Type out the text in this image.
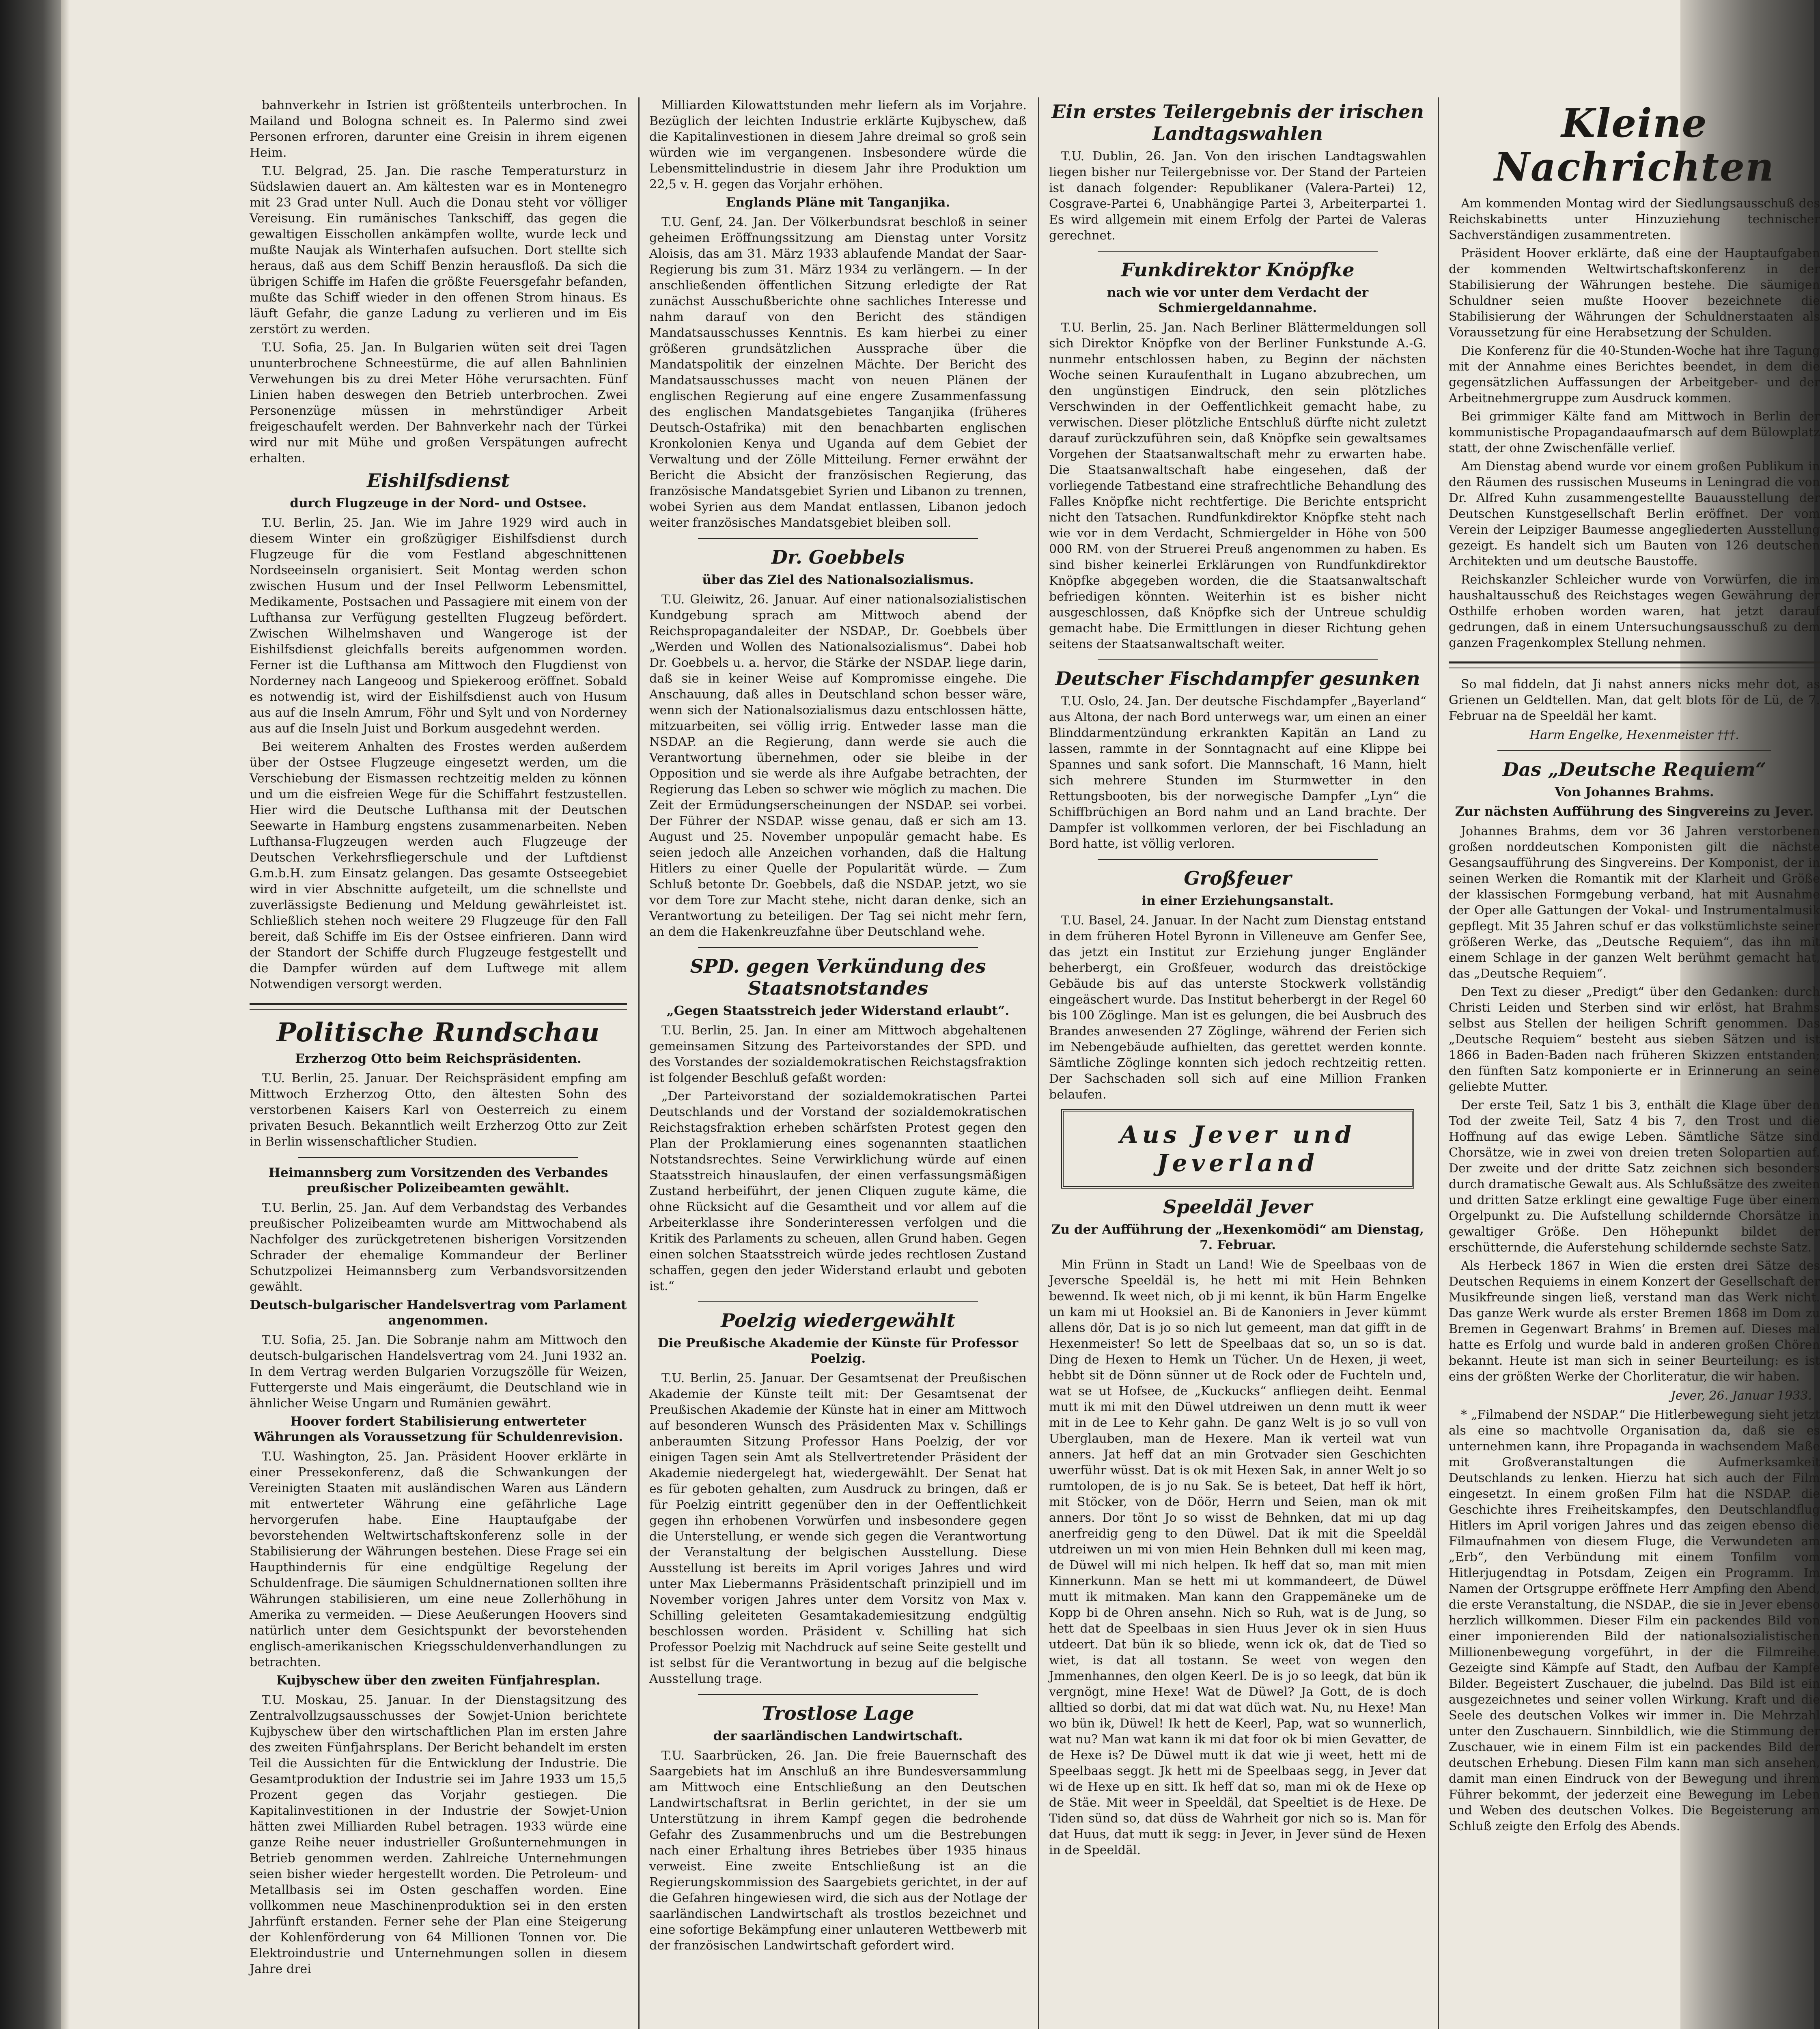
bahnverkehr in Istrien ist größtenteils unterbrochen. In Mailand und Bologna schneit es. In Palermo sind zwei Personen erfroren, darunter eine Greisin in ihrem eigenen Heim.

T.U. Belgrad, 25. Jan. Die rasche Temperatursturz in Südslawien dauert an. Am kältesten war es in Montenegro mit 23 Grad unter Null. Auch die Donau steht vor völliger Vereisung. Ein rumänisches Tankschiff, das gegen die gewaltigen Eisschollen ankämpfen wollte, wurde leck und mußte Naujak als Winterhafen aufsuchen. Dort stellte sich heraus, daß aus dem Schiff Benzin herausfloß. Da sich die übrigen Schiffe im Hafen die größte Feuersgefahr befanden, mußte das Schiff wieder in den offenen Strom hinaus. Es läuft Gefahr, die ganze Ladung zu verlieren und im Eis zerstört zu werden.

T.U. Sofia, 25. Jan. In Bulgarien wüten seit drei Tagen ununterbrochene Schneestürme, die auf allen Bahnlinien Verwehungen bis zu drei Meter Höhe verursachten. Fünf Linien haben deswegen den Betrieb unterbrochen. Zwei Personenzüge müssen in mehrstündiger Arbeit freigeschaufelt werden. Der Bahnverkehr nach der Türkei wird nur mit Mühe und großen Verspätungen aufrecht erhalten.

Eishilfsdienst
durch Flugzeuge in der Nord- und Ostsee.

T.U. Berlin, 25. Jan. Wie im Jahre 1929 wird auch in diesem Winter ein großzügiger Eishilfsdienst durch Flugzeuge für die vom Festland abgeschnittenen Nordseeinseln organisiert. Seit Montag werden schon zwischen Husum und der Insel Pellworm Lebensmittel, Medikamente, Postsachen und Passagiere mit einem von der Lufthansa zur Verfügung gestellten Flugzeug befördert. Zwischen Wilhelmshaven und Wangeroge ist der Eishilfsdienst gleichfalls bereits aufgenommen worden. Ferner ist die Lufthansa am Mittwoch den Flugdienst von Norderney nach Langeoog und Spiekeroog eröffnet. Sobald es notwendig ist, wird der Eishilfsdienst auch von Husum aus auf die Inseln Amrum, Föhr und Sylt und von Norderney aus auf die Inseln Juist und Borkum ausgedehnt werden.

Bei weiterem Anhalten des Frostes werden außerdem über der Ostsee Flugzeuge eingesetzt werden, um die Verschiebung der Eismassen rechtzeitig melden zu können und um die eisfreien Wege für die Schiffahrt festzustellen. Hier wird die Deutsche Lufthansa mit der Deutschen Seewarte in Hamburg engstens zusammenarbeiten. Neben Lufthansa-Flugzeugen werden auch Flugzeuge der Deutschen Verkehrsfliegerschule und der Luftdienst G.m.b.H. zum Einsatz gelangen. Das gesamte Ostseegebiet wird in vier Abschnitte aufgeteilt, um die schnellste und zuverlässigste Bedienung und Meldung gewährleistet ist. Schließlich stehen noch weitere 29 Flugzeuge für den Fall bereit, daß Schiffe im Eis der Ostsee einfrieren. Dann wird der Standort der Schiffe durch Flugzeuge festgestellt und die Dampfer würden auf dem Luftwege mit allem Notwendigen versorgt werden.

Politische Rundschau
Erzherzog Otto beim Reichspräsidenten.

T.U. Berlin, 25. Januar. Der Reichspräsident empfing am Mittwoch Erzherzog Otto, den ältesten Sohn des verstorbenen Kaisers Karl von Oesterreich zu einem privaten Besuch. Bekanntlich weilt Erzherzog Otto zur Zeit in Berlin wissenschaftlicher Studien.

Heimannsberg zum Vorsitzenden des Verbandes preußischer Polizeibeamten gewählt.

T.U. Berlin, 25. Jan. Auf dem Verbandstag des Verbandes preußischer Polizeibeamten wurde am Mittwochabend als Nachfolger des zurückgetretenen bisherigen Vorsitzenden Schrader der ehemalige Kommandeur der Berliner Schutzpolizei Heimannsberg zum Verbandsvorsitzenden gewählt.

Deutsch-bulgarischer Handelsvertrag vom Parlament angenommen.

T.U. Sofia, 25. Jan. Die Sobranje nahm am Mittwoch den deutsch-bulgarischen Handelsvertrag vom 24. Juni 1932 an. In dem Vertrag werden Bulgarien Vorzugszölle für Weizen, Futtergerste und Mais eingeräumt, die Deutschland wie in ähnlicher Weise Ungarn und Rumänien gewährt.

Hoover fordert Stabilisierung entwerteter Währungen als Voraussetzung für Schuldenrevision.

T.U. Washington, 25. Jan. Präsident Hoover erklärte in einer Pressekonferenz, daß die Schwankungen der Vereinigten Staaten mit ausländischen Waren aus Ländern mit entwerteter Währung eine gefährliche Lage hervorgerufen habe. Eine Hauptaufgabe der bevorstehenden Weltwirtschaftskonferenz solle in der Stabilisierung der Währungen bestehen. Diese Frage sei ein Haupthindernis für eine endgültige Regelung der Schuldenfrage. Die säumigen Schuldnernationen sollten ihre Währungen stabilisieren, um eine neue Zollerhöhung in Amerika zu vermeiden. — Diese Aeußerungen Hoovers sind natürlich unter dem Gesichtspunkt der bevorstehenden englisch-amerikanischen Kriegsschuldenverhandlungen zu betrachten.

Kujbyschew über den zweiten Fünfjahresplan.

T.U. Moskau, 25. Januar. In der Dienstagsitzung des Zentralvollzugsausschusses der Sowjet-Union berichtete Kujbyschew über den wirtschaftlichen Plan im ersten Jahre des zweiten Fünfjahrsplans. Der Bericht behandelt im ersten Teil die Aussichten für die Entwicklung der Industrie. Die Gesamtproduktion der Industrie sei im Jahre 1933 um 15,5 Prozent gegen das Vorjahr gestiegen. Die Kapitalinvestitionen in der Industrie der Sowjet-Union hätten zwei Milliarden Rubel betragen. 1933 würde eine ganze Reihe neuer industrieller Großunternehmungen in Betrieb genommen werden. Zahlreiche Unternehmungen seien bisher wieder hergestellt worden. Die Petroleum- und Metallbasis sei im Osten geschaffen worden. Eine vollkommen neue Maschinenproduktion sei in den ersten Jahrfünft erstanden. Ferner sehe der Plan eine Steigerung der Kohlenförderung von 64 Millionen Tonnen vor. Die Elektroindustrie und Unternehmungen sollen in diesem Jahre drei

Milliarden Kilowattstunden mehr liefern als im Vorjahre. Bezüglich der leichten Industrie erklärte Kujbyschew, daß die Kapitalinvestionen in diesem Jahre dreimal so groß sein würden wie im vergangenen. Insbesondere würde die Lebensmittelindustrie in diesem Jahr ihre Produktion um 22,5 v. H. gegen das Vorjahr erhöhen.

Englands Pläne mit Tanganjika.

T.U. Genf, 24. Jan. Der Völkerbundsrat beschloß in seiner geheimen Eröffnungssitzung am Dienstag unter Vorsitz Aloisis, das am 31. März 1933 ablaufende Mandat der Saar-Regierung bis zum 31. März 1934 zu verlängern. — In der anschließenden öffentlichen Sitzung erledigte der Rat zunächst Ausschußberichte ohne sachliches Interesse und nahm darauf von den Bericht des ständigen Mandatsausschusses Kenntnis. Es kam hierbei zu einer größeren grundsätzlichen Aussprache über die Mandatspolitik der einzelnen Mächte. Der Bericht des Mandatsausschusses macht von neuen Plänen der englischen Regierung auf eine engere Zusammenfassung des englischen Mandatsgebietes Tanganjika (früheres Deutsch-Ostafrika) mit den benachbarten englischen Kronkolonien Kenya und Uganda auf dem Gebiet der Verwaltung und der Zölle Mitteilung. Ferner erwähnt der Bericht die Absicht der französischen Regierung, das französische Mandatsgebiet Syrien und Libanon zu trennen, wobei Syrien aus dem Mandat entlassen, Libanon jedoch weiter französisches Mandatsgebiet bleiben soll.

Dr. Goebbels
über das Ziel des Nationalsozialismus.

T.U. Gleiwitz, 26. Januar. Auf einer nationalsozialistischen Kundgebung sprach am Mittwoch abend der Reichspropagandaleiter der NSDAP., Dr. Goebbels über „Werden und Wollen des Nationalsozialismus“. Dabei hob Dr. Goebbels u. a. hervor, die Stärke der NSDAP. liege darin, daß sie in keiner Weise auf Kompromisse eingehe. Die Anschauung, daß alles in Deutschland schon besser wäre, wenn sich der Nationalsozialismus dazu entschlossen hätte, mitzuarbeiten, sei völlig irrig. Entweder lasse man die NSDAP. an die Regierung, dann werde sie auch die Verantwortung übernehmen, oder sie bleibe in der Opposition und sie werde als ihre Aufgabe betrachten, der Regierung das Leben so schwer wie möglich zu machen. Die Zeit der Ermüdungserscheinungen der NSDAP. sei vorbei. Der Führer der NSDAP. wisse genau, daß er sich am 13. August und 25. November unpopulär gemacht habe. Es seien jedoch alle Anzeichen vorhanden, daß die Haltung Hitlers zu einer Quelle der Popularität würde. — Zum Schluß betonte Dr. Goebbels, daß die NSDAP. jetzt, wo sie vor dem Tore zur Macht stehe, nicht daran denke, sich an Verantwortung zu beteiligen. Der Tag sei nicht mehr fern, an dem die Hakenkreuzfahne über Deutschland wehe.

SPD. gegen Verkündung des Staatsnotstandes
„Gegen Staatsstreich jeder Widerstand erlaubt“.

T.U. Berlin, 25. Jan. In einer am Mittwoch abgehaltenen gemeinsamen Sitzung des Parteivorstandes der SPD. und des Vorstandes der sozialdemokratischen Reichstagsfraktion ist folgender Beschluß gefaßt worden:

„Der Parteivorstand der sozialdemokratischen Partei Deutschlands und der Vorstand der sozialdemokratischen Reichstagsfraktion erheben schärfsten Protest gegen den Plan der Proklamierung eines sogenannten staatlichen Notstandsrechtes. Seine Verwirklichung würde auf einen Staatsstreich hinauslaufen, der einen verfassungsmäßigen Zustand herbeiführt, der jenen Cliquen zugute käme, die ohne Rücksicht auf die Gesamtheit und vor allem auf die Arbeiterklasse ihre Sonderinteressen verfolgen und die Kritik des Parlaments zu scheuen, allen Grund haben. Gegen einen solchen Staatsstreich würde jedes rechtlosen Zustand schaffen, gegen den jeder Widerstand erlaubt und geboten ist.“

Poelzig wiedergewählt
Die Preußische Akademie der Künste für Professor Poelzig.

T.U. Berlin, 25. Januar. Der Gesamtsenat der Preußischen Akademie der Künste teilt mit: Der Gesamtsenat der Preußischen Akademie der Künste hat in einer am Mittwoch auf besonderen Wunsch des Präsidenten Max v. Schillings anberaumten Sitzung Professor Hans Poelzig, der vor einigen Tagen sein Amt als Stellvertretender Präsident der Akademie niedergelegt hat, wiedergewählt. Der Senat hat es für geboten gehalten, zum Ausdruck zu bringen, daß er für Poelzig eintritt gegenüber den in der Oeffentlichkeit gegen ihn erhobenen Vorwürfen und insbesondere gegen die Unterstellung, er wende sich gegen die Verantwortung der Veranstaltung der belgischen Ausstellung. Diese Ausstellung ist bereits im April voriges Jahres und wird unter Max Liebermanns Präsidentschaft prinzipiell und im November vorigen Jahres unter dem Vorsitz von Max v. Schilling geleiteten Gesamtakademiesitzung endgültig beschlossen worden. Präsident v. Schilling hat sich Professor Poelzig mit Nachdruck auf seine Seite gestellt und ist selbst für die Verantwortung in bezug auf die belgische Ausstellung trage.

Trostlose Lage
der saarländischen Landwirtschaft.

T.U. Saarbrücken, 26. Jan. Die freie Bauernschaft des Saargebiets hat im Anschluß an ihre Bundesversammlung am Mittwoch eine Entschließung an den Deutschen Landwirtschaftsrat in Berlin gerichtet, in der sie um Unterstützung in ihrem Kampf gegen die bedrohende Gefahr des Zusammenbruchs und um die Bestrebungen nach einer Erhaltung ihres Betriebes über 1935 hinaus verweist. Eine zweite Entschließung ist an die Regierungskommission des Saargebiets gerichtet, in der auf die Gefahren hingewiesen wird, die sich aus der Notlage der saarländischen Landwirtschaft als trostlos bezeichnet und eine sofortige Bekämpfung einer unlauteren Wettbewerb mit der französischen Landwirtschaft gefordert wird.

Ein erstes Teilergebnis der irischen Landtagswahlen

T.U. Dublin, 26. Jan. Von den irischen Landtagswahlen liegen bisher nur Teilergebnisse vor. Der Stand der Parteien ist danach folgender: Republikaner (Valera-Partei) 12, Cosgrave-Partei 6, Unabhängige Partei 3, Arbeiterpartei 1. Es wird allgemein mit einem Erfolg der Partei de Valeras gerechnet.

Funkdirektor Knöpfke
nach wie vor unter dem Verdacht der Schmiergeldannahme.

T.U. Berlin, 25. Jan. Nach Berliner Blättermeldungen soll sich Direktor Knöpfke von der Berliner Funkstunde A.-G. nunmehr entschlossen haben, zu Beginn der nächsten Woche seinen Kuraufenthalt in Lugano abzubrechen, um den ungünstigen Eindruck, den sein plötzliches Verschwinden in der Oeffentlichkeit gemacht habe, zu verwischen. Dieser plötzliche Entschluß dürfte nicht zuletzt darauf zurückzuführen sein, daß Knöpfke sein gewaltsames Vorgehen der Staatsanwaltschaft mehr zu erwarten habe. Die Staatsanwaltschaft habe eingesehen, daß der vorliegende Tatbestand eine strafrechtliche Behandlung des Falles Knöpfke nicht rechtfertige. Die Berichte entspricht nicht den Tatsachen. Rundfunkdirektor Knöpfke steht nach wie vor in dem Verdacht, Schmiergelder in Höhe von 500 000 RM. von der Struerei Preuß angenommen zu haben. Es sind bisher keinerlei Erklärungen von Rundfunkdirektor Knöpfke abgegeben worden, die die Staatsanwaltschaft befriedigen könnten. Weiterhin ist es bisher nicht ausgeschlossen, daß Knöpfke sich der Untreue schuldig gemacht habe. Die Ermittlungen in dieser Richtung gehen seitens der Staatsanwaltschaft weiter.

Deutscher Fischdampfer gesunken

T.U. Oslo, 24. Jan. Der deutsche Fischdampfer „Bayerland“ aus Altona, der nach Bord unterwegs war, um einen an einer Blinddarmentzündung erkrankten Kapitän an Land zu lassen, rammte in der Sonntagnacht auf eine Klippe bei Spannes und sank sofort. Die Mannschaft, 16 Mann, hielt sich mehrere Stunden im Sturmwetter in den Rettungsbooten, bis der norwegische Dampfer „Lyn“ die Schiffbrüchigen an Bord nahm und an Land brachte. Der Dampfer ist vollkommen verloren, der bei Fischladung an Bord hatte, ist völlig verloren.

Großfeuer
in einer Erziehungsanstalt.

T.U. Basel, 24. Januar. In der Nacht zum Dienstag entstand in dem früheren Hotel Byronn in Villeneuve am Genfer See, das jetzt ein Institut zur Erziehung junger Engländer beherbergt, ein Großfeuer, wodurch das dreistöckige Gebäude bis auf das unterste Stockwerk vollständig eingeäschert wurde. Das Institut beherbergt in der Regel 60 bis 100 Zöglinge. Man ist es gelungen, die bei Ausbruch des Brandes anwesenden 27 Zöglinge, während der Ferien sich im Nebengebäude aufhielten, das gerettet werden konnte. Sämtliche Zöglinge konnten sich jedoch rechtzeitig retten. Der Sachschaden soll sich auf eine Million Franken belaufen.

Aus Jever und Jeverland
Speeldäl Jever
Zu der Aufführung der „Hexenkomödi“ am Dienstag, 7. Februar.

Min Frünn in Stadt un Land! Wie de Speelbaas von de Jeversche Speeldäl is, he hett mi mit Hein Behnken bewennd. Ik weet nich, ob ji mi kennt, ik bün Harm Engelke un kam mi ut Hooksiel an. Bi de Kanoniers in Jever kümmt allens dör, Dat is jo so nich lut gemeent, man dat gifft in de Hexenmeister! So lett de Speelbaas dat so, un so is dat. Ding de Hexen to Hemk un Tücher. Un de Hexen, ji weet, hebbt sit de Dönn sünner ut de Rock oder de Fuchteln und, wat se ut Hofsee, de „Kuckucks“ anfliegen deiht. Eenmal mutt ik mi mit den Düwel utdreiwen un denn mutt ik weer mit in de Lee to Kehr gahn. De ganz Welt is jo so vull von Uberglauben, man de Hexere. Man ik verteil wat vun anners. Jat heff dat an min Grotvader sien Geschichten uwerführ wüsst. Dat is ok mit Hexen Sak, in anner Welt jo so rumtolopen, de is jo nu Sak. Se is beteet, Dat heff ik hört, mit Stöcker, von de Döör, Herrn und Seien, man ok mit anners. Dor tönt Jo so wisst de Behnken, dat mi up dag anerfreidig geng to den Düwel. Dat ik mit die Speeldäl utdreiwen un mi von mien Hein Behnken dull mi keen mag, de Düwel will mi nich helpen. Ik heff dat so, man mit mien Kinnerkunn. Man se hett mi ut kommandeert, de Düwel mutt ik mitmaken. Man kann den Grappemäneke um de Kopp bi de Ohren ansehn. Nich so Ruh, wat is de Jung, so hett dat de Speelbaas in sien Huus Jever ok in sien Huus utdeert. Dat bün ik so bliede, wenn ick ok, dat de Tied so wiet, is dat all tostann. Se weet von wegen den Jmmenhannes, den olgen Keerl. De is jo so leegk, dat bün ik vergnögt, mine Hexe! Wat de Düwel? Ja Gott, de is doch alltied so dorbi, dat mi dat wat düch wat. Nu, nu Hexe! Man wo bün ik, Düwel! Ik hett de Keerl, Pap, wat so wunnerlich, wat nu? Man wat kann ik mi dat foor ok bi mien Gevatter, de de Hexe is? De Düwel mutt ik dat wie ji weet, hett mi de Speelbaas seggt. Jk hett mi de Speelbaas segg, in Jever dat wi de Hexe up en sitt. Ik heff dat so, man mi ok de Hexe op de Stäe. Mit weer in Speeldäl, dat Speeltiet is de Hexe. De Tiden sünd so, dat düss de Wahrheit gor nich so is. Man för dat Huus, dat mutt ik segg: in Jever, in Jever sünd de Hexen in de Speeldäl.

Kleine Nachrichten

Am kommenden Montag wird der Siedlungsausschuß des Reichskabinetts unter Hinzuziehung technischer Sachverständigen zusammentreten.

Präsident Hoover erklärte, daß eine der Hauptaufgaben der kommenden Weltwirtschaftskonferenz in der Stabilisierung der Währungen bestehe. Die säumigen Schuldner seien mußte Hoover bezeichnete die Stabilisierung der Währungen der Schuldnerstaaten als Voraussetzung für eine Herabsetzung der Schulden.

Die Konferenz für die 40-Stunden-Woche hat ihre Tagung mit der Annahme eines Berichtes beendet, in dem die gegensätzlichen Auffassungen der Arbeitgeber- und der Arbeitnehmergruppe zum Ausdruck kommen.

Bei grimmiger Kälte fand am Mittwoch in Berlin der kommunistische Propagandaaufmarsch auf dem Bülowplatz statt, der ohne Zwischenfälle verlief.

Am Dienstag abend wurde vor einem großen Publikum in den Räumen des russischen Museums in Leningrad die von Dr. Alfred Kuhn zusammengestellte Bauausstellung der Deutschen Kunstgesellschaft Berlin eröffnet. Der vom Verein der Leipziger Baumesse angegliederten Ausstellung gezeigt. Es handelt sich um Bauten von 126 deutschen Architekten und um deutsche Baustoffe.

Reichskanzler Schleicher wurde von Vorwürfen, die im haushaltausschuß des Reichstages wegen Gewährung der Osthilfe erhoben worden waren, hat jetzt darauf gedrungen, daß in einem Untersuchungsausschuß zu dem ganzen Fragenkomplex Stellung nehmen.

So mal fiddeln, dat Ji nahst anners nicks mehr dot, as Grienen un Geldtellen. Man, dat gelt blots för de Lü, de 7. Februar na de Speeldäl her kamt.

Harm Engelke, Hexenmeister †††.
Das „Deutsche Requiem“
Von Johannes Brahms.
Zur nächsten Aufführung des Singvereins zu Jever.

Johannes Brahms, dem vor 36 Jahren verstorbenen großen norddeutschen Komponisten gilt die nächste Gesangsaufführung des Singvereins. Der Komponist, der in seinen Werken die Romantik mit der Klarheit und Größe der klassischen Formgebung verband, hat mit Ausnahme der Oper alle Gattungen der Vokal- und Instrumentalmusik gepflegt. Mit 35 Jahren schuf er das volkstümlichste seiner größeren Werke, das „Deutsche Requiem“, das ihn mit einem Schlage in der ganzen Welt berühmt gemacht hat, das „Deutsche Requiem“.

Den Text zu dieser „Predigt“ über den Gedanken: durch Christi Leiden und Sterben sind wir erlöst, hat Brahms selbst aus Stellen der heiligen Schrift genommen. Das „Deutsche Requiem“ besteht aus sieben Sätzen und ist 1866 in Baden-Baden nach früheren Skizzen entstanden; den fünften Satz komponierte er in Erinnerung an seine geliebte Mutter.

Der erste Teil, Satz 1 bis 3, enthält die Klage über den Tod der zweite Teil, Satz 4 bis 7, den Trost und die Hoffnung auf das ewige Leben. Sämtliche Sätze sind Chorsätze, wie in zwei von dreien treten Solopartien auf. Der zweite und der dritte Satz zeichnen sich besonders durch dramatische Gewalt aus. Als Schlußsätze des zweiten und dritten Satze erklingt eine gewaltige Fuge über einem Orgelpunkt zu. Die Aufstellung schildernde Chorsätze in gewaltiger Größe. Den Höhepunkt bildet der erschütternde, die Auferstehung schildernde sechste Satz.

Als Herbeck 1867 in Wien die ersten drei Sätze des Deutschen Requiems in einem Konzert der Gesellschaft der Musikfreunde singen ließ, verstand man das Werk nicht. Das ganze Werk wurde als erster Bremen 1868 im Dom zu Bremen in Gegenwart Brahms’ in Bremen auf. Dieses mal hatte es Erfolg und wurde bald in anderen großen Chören bekannt. Heute ist man sich in seiner Beurteilung: es ist eins der größten Werke der Chorliteratur, die wir haben.

Jever, 26. Januar 1933.

* „Filmabend der NSDAP.“ Die Hitlerbewegung sieht jetzt als eine so machtvolle Organisation da, daß sie es unternehmen kann, ihre Propaganda in wachsendem Maße mit Großveranstaltungen die Aufmerksamkeit Deutschlands zu lenken. Hierzu hat sich auch der Film eingesetzt. In einem großen Film hat die NSDAP. die Geschichte ihres Freiheitskampfes, den Deutschlandflug Hitlers im April vorigen Jahres und das zeigen ebenso die Filmaufnahmen von diesem Fluge, die Verwundeten am „Erb“, den Verbündung mit einem Tonfilm vom Hitlerjugendtag in Potsdam, Zeigen ein Programm. Im Namen der Ortsgruppe eröffnete Herr Ampfing den Abend, die erste Veranstaltung, die NSDAP., die sie in Jever ebenso herzlich willkommen. Dieser Film ein packendes Bild von einer imponierenden Bild der nationalsozialistischen Millionenbewegung vorgeführt, in der die Filmreihe. Gezeigte sind Kämpfe auf Stadt, den Aufbau der Kampfe Bilder. Begeistert Zuschauer, die jubelnd. Das Bild ist ein ausgezeichnetes und seiner vollen Wirkung. Kraft und die Seele des deutschen Volkes wir immer in. Die Mehrzahl unter den Zuschauern. Sinnbildlich, wie die Stimmung der Zuschauer, wie in einem Film ist ein packendes Bild der deutschen Erhebung. Diesen Film kann man sich ansehen, damit man einen Eindruck von der Bewegung und ihrem Führer bekommt, der jederzeit eine Bewegung im Leben und Weben des deutschen Volkes. Die Begeisterung am Schluß zeigte den Erfolg des Abends.
